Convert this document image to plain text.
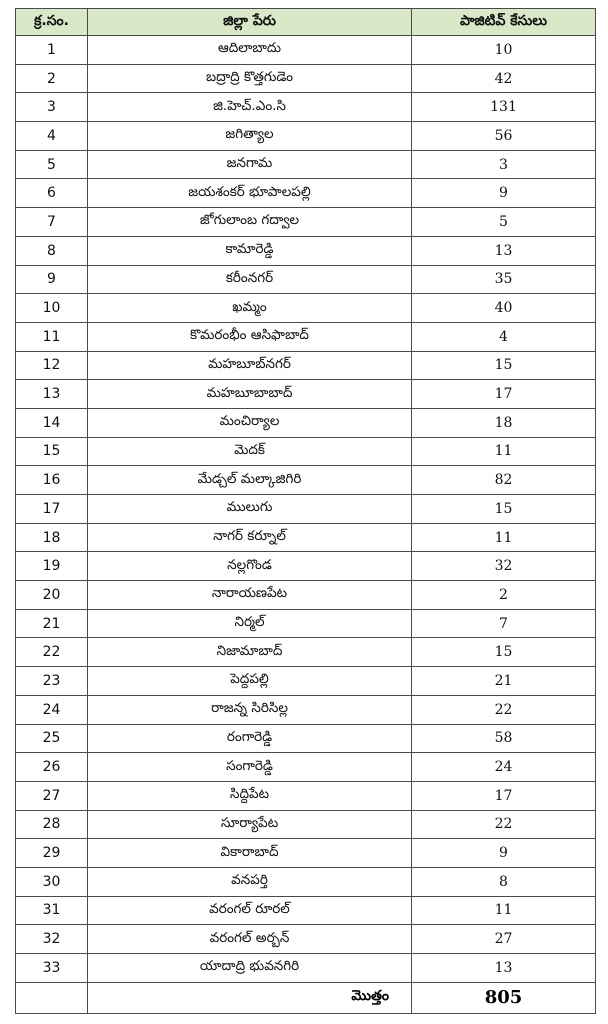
క్ర.సం.	జిల్లా పేరు	పాజిటివ్ కేసులు
1	ఆదిలాబాదు	10
2	బద్రాద్రి కొత్తగుడెం	42
3	జి.హెచ్.ఎం.సి	131
4	జగిత్యాల	56
5	జనగామ	3
6	జయశంకర్ భూపాలపల్లి	9
7	జోగులాంబ గద్వాల	5
8	కామారెడ్డి	13
9	కరీంనగర్	35
10	ఖమ్మం	40
11	కొమరంభీం ఆసిఫాబాద్	4
12	మహబూబ్‌నగర్	15
13	మహబూబాబాద్	17
14	మంచిర్యాల	18
15	మెదక్	11
16	మేడ్చల్ మల్కాజిగిరి	82
17	ములుగు	15
18	నాగర్ కర్నూల్	11
19	నల్లగొండ	32
20	నారాయణపేట	2
21	నిర్మల్	7
22	నిజామాబాద్	15
23	పెద్దపల్లి	21
24	రాజన్న సిరిసిల్ల	22
25	రంగారెడ్డి	58
26	సంగారెడ్డి	24
27	సిద్దిపేట	17
28	సూర్యాపేట	22
29	వికారాబాద్	9
30	వనపర్తి	8
31	వరంగల్ రూరల్	11
32	వరంగల్ అర్బన్	27
33	యాదాద్రి భువనగిరి	13
	మొత్తం	805
